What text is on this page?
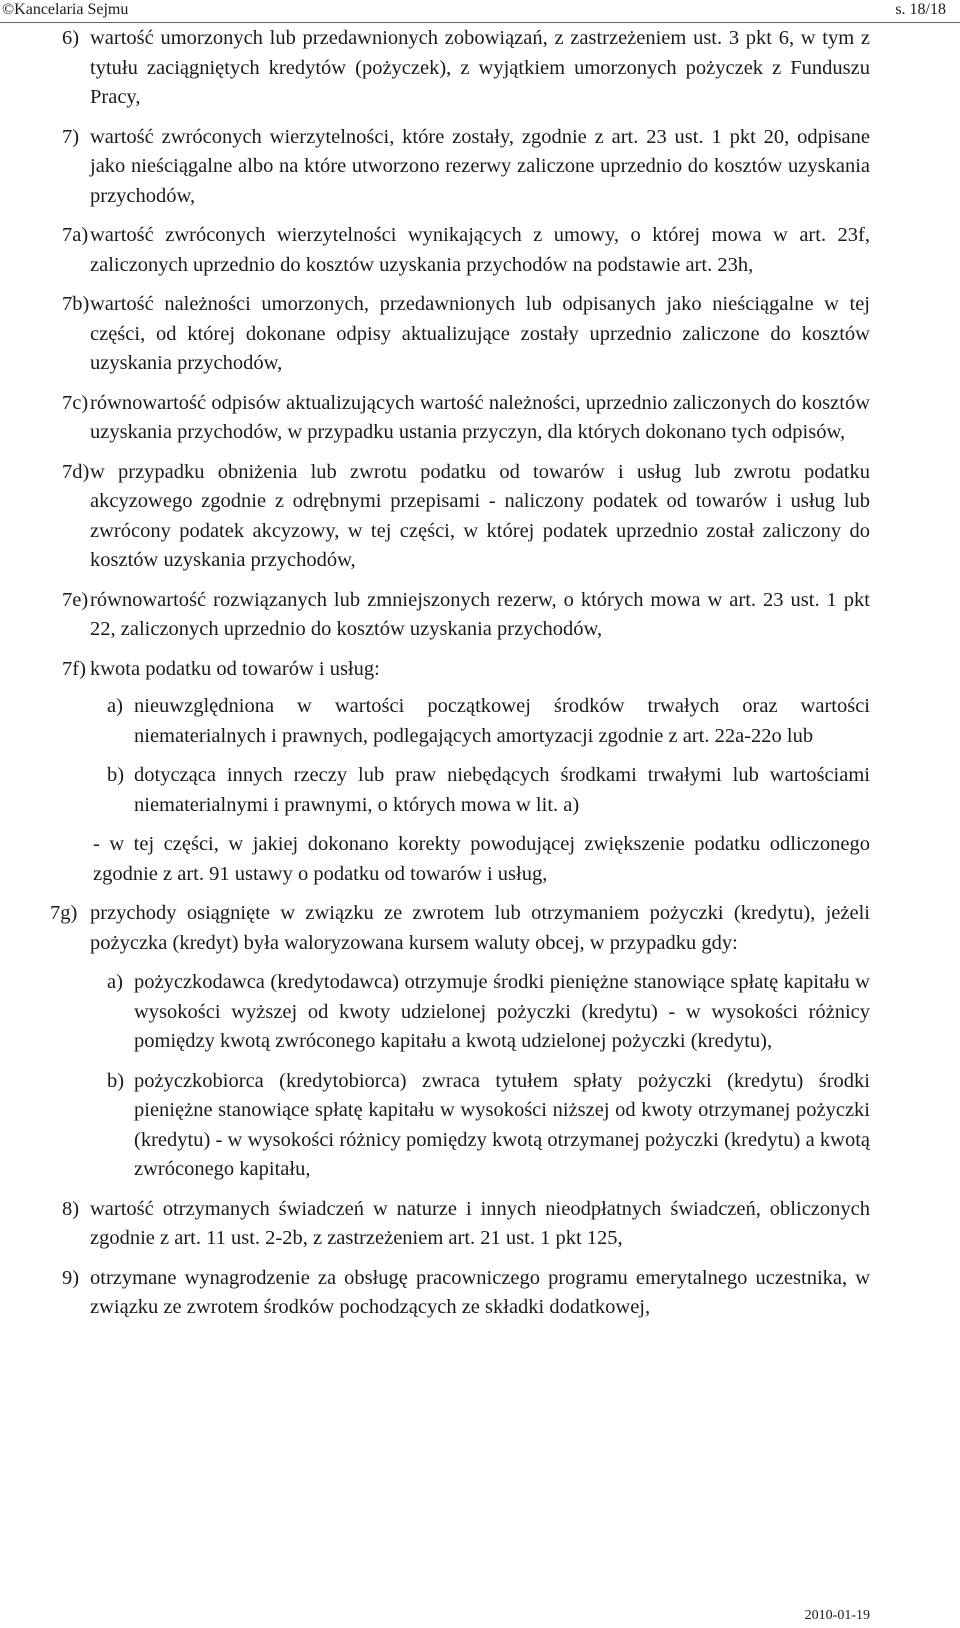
©Kancelaria Sejmu	s. 18/18
6) wartość umorzonych lub przedawnionych zobowiązań, z zastrzeżeniem ust. 3 pkt 6, w tym z tytułu zaciągniętych kredytów (pożyczek), z wyjątkiem umorzonych pożyczek z Funduszu Pracy,
7) wartość zwróconych wierzytelności, które zostały, zgodnie z art. 23 ust. 1 pkt 20, odpisane jako nieściągalne albo na które utworzono rezerwy zaliczone uprzednio do kosztów uzyskania przychodów,
7a) wartość zwróconych wierzytelności wynikających z umowy, o której mowa w art. 23f, zaliczonych uprzednio do kosztów uzyskania przychodów na podstawie art. 23h,
7b) wartość należności umorzonych, przedawnionych lub odpisanych jako nieściągalne w tej części, od której dokonane odpisy aktualizujące zostały uprzednio zaliczone do kosztów uzyskania przychodów,
7c) równowartość odpisów aktualizujących wartość należności, uprzednio zaliczonych do kosztów uzyskania przychodów, w przypadku ustania przyczyn, dla których dokonano tych odpisów,
7d) w przypadku obniżenia lub zwrotu podatku od towarów i usług lub zwrotu podatku akcyzowego zgodnie z odrębnymi przepisami - naliczony podatek od towarów i usług lub zwrócony podatek akcyzowy, w tej części, w której podatek uprzednio został zaliczony do kosztów uzyskania przychodów,
7e) równowartość rozwiązanych lub zmniejszonych rezerw, o których mowa w art. 23 ust. 1 pkt 22, zaliczonych uprzednio do kosztów uzyskania przychodów,
7f) kwota podatku od towarów i usług:
a) nieuwzględniona w wartości początkowej środków trwałych oraz wartości niematerialnych i prawnych, podlegających amortyzacji zgodnie z art. 22a-22o lub
b) dotycząca innych rzeczy lub praw niebędących środkami trwałymi lub wartościami niematerialnymi i prawnymi, o których mowa w lit. a)
- w tej części, w jakiej dokonano korekty powodującej zwiększenie podatku odliczonego zgodnie z art. 91 ustawy o podatku od towarów i usług,
7g) przychody osiągnięte w związku ze zwrotem lub otrzymaniem pożyczki (kredytu), jeżeli pożyczka (kredyt) była waloryzowana kursem waluty obcej, w przypadku gdy:
a) pożyczkodawca (kredytodawca) otrzymuje środki pieniężne stanowiące spłatę kapitału w wysokości wyższej od kwoty udzielonej pożyczki (kredytu) - w wysokości różnicy pomiędzy kwotą zwróconego kapitału a kwotą udzielonej pożyczki (kredytu),
b) pożyczkobiorca (kredytobiorca) zwraca tytułem spłaty pożyczki (kredytu) środki pieniężne stanowiące spłatę kapitału w wysokości niższej od kwoty otrzymanej pożyczki (kredytu) - w wysokości różnicy pomiędzy kwotą otrzymanej pożyczki (kredytu) a kwotą zwróconego kapitału,
8) wartość otrzymanych świadczeń w naturze i innych nieodpłatnych świadczeń, obliczonych zgodnie z art. 11 ust. 2-2b, z zastrzeżeniem art. 21 ust. 1 pkt 125,
9) otrzymane wynagrodzenie za obsługę pracowniczego programu emerytalnego uczestnika, w związku ze zwrotem środków pochodzących ze składki dodatkowej,
2010-01-19
